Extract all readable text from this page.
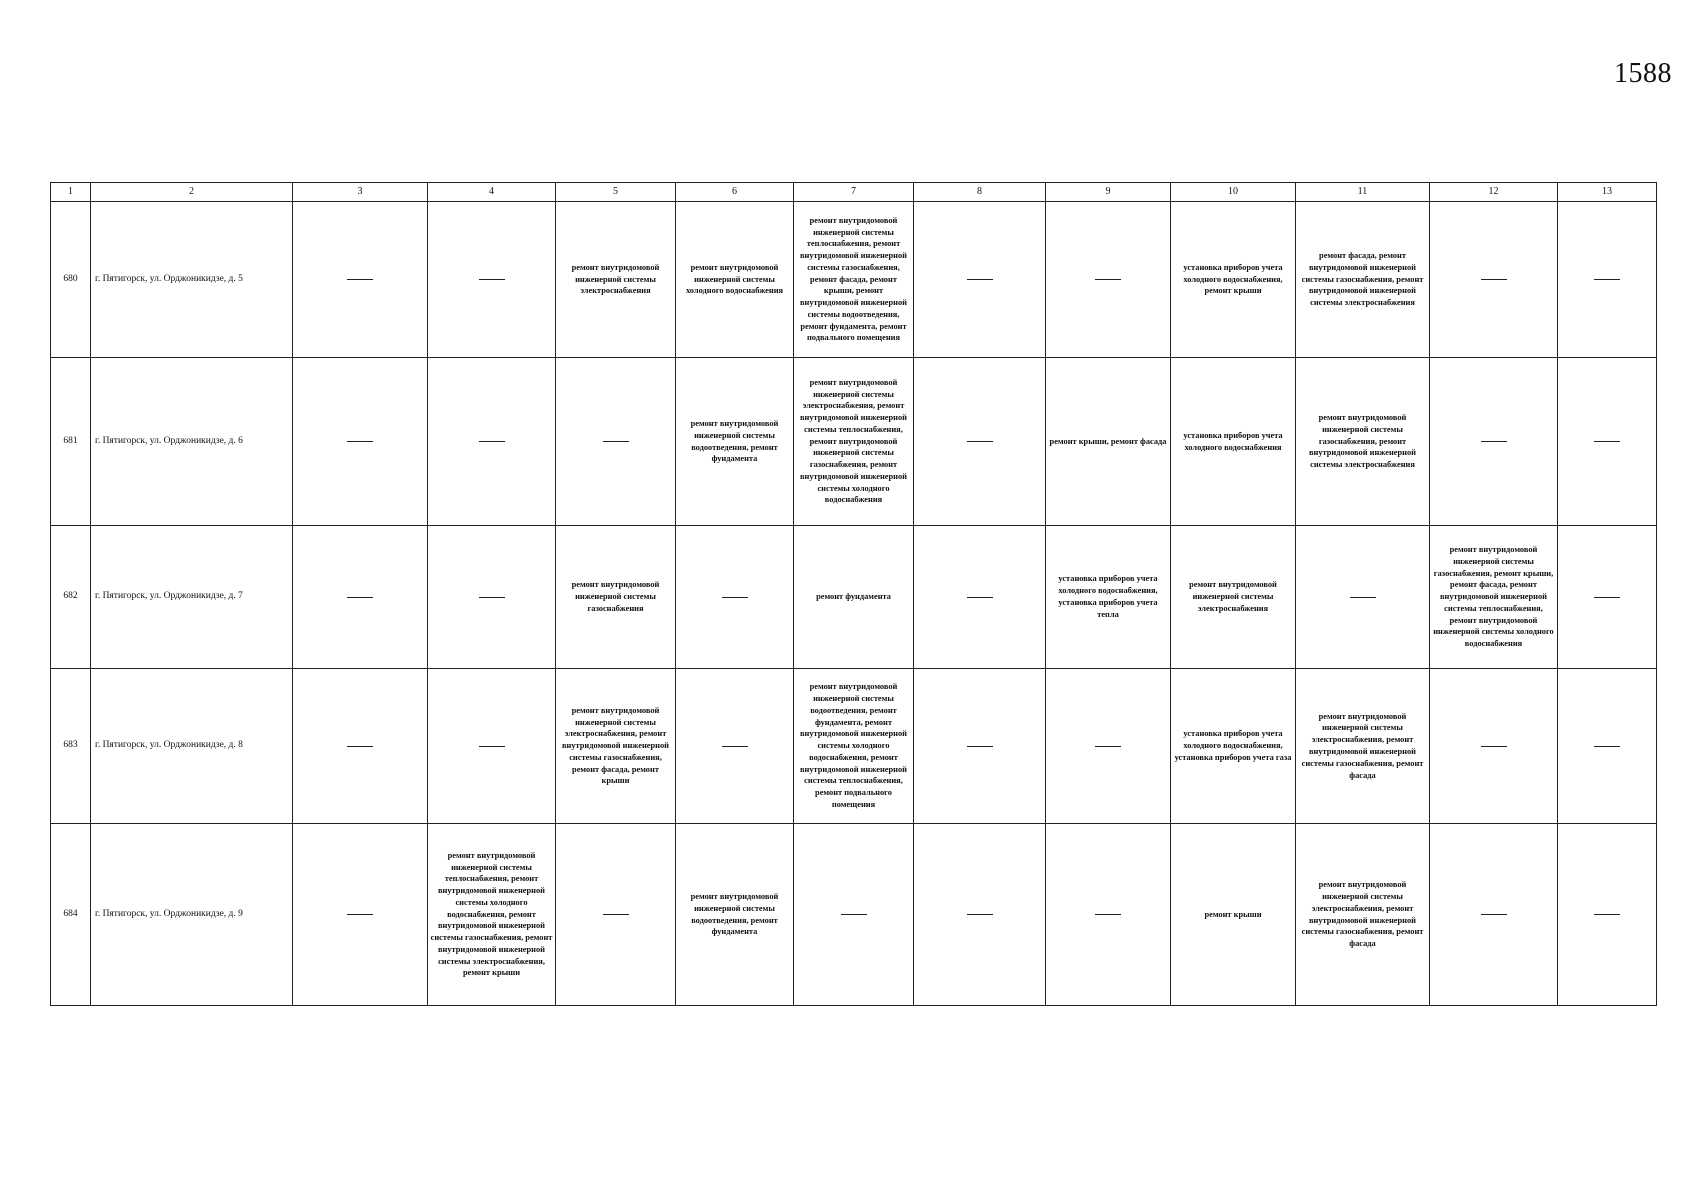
1588
1	2	3	4	5	6	7	8	9	10	11	12	13
680	г. Пятигорск, ул. Орджоникидзе, д. 5			ремонт внутридомовой инженерной системы электроснабжения	ремонт внутридомовой инженерной системы холодного водоснабжения	ремонт внутридомовой инженерной системы теплоснабжения, ремонт внутридомовой инженерной системы газоснабжения, ремонт фасада, ремонт крыши, ремонт внутридомовой инженерной системы водоотведения, ремонт фундамента, ремонт подвального помещения			установка приборов учета холодного водоснабжения, ремонт крыши	ремонт фасада, ремонт внутридомовой инженерной системы газоснабжения, ремонт внутридомовой инженерной системы электроснабжения		
681	г. Пятигорск, ул. Орджоникидзе, д. 6				ремонт внутридомовой инженерной системы водоотведения, ремонт фундамента	ремонт внутридомовой инженерной системы электроснабжения, ремонт внутридомовой инженерной системы теплоснабжения, ремонт внутридомовой инженерной системы газоснабжения, ремонт внутридомовой инженерной системы холодного водоснабжения		ремонт крыши, ремонт фасада	установка приборов учета холодного водоснабжения	ремонт внутридомовой инженерной системы газоснабжения, ремонт внутридомовой инженерной системы электроснабжения		
682	г. Пятигорск, ул. Орджоникидзе, д. 7			ремонт внутридомовой инженерной системы газоснабжения		ремонт фундамента		установка приборов учета холодного водоснабжения, установка приборов учета тепла	ремонт внутридомовой инженерной системы электроснабжения		ремонт внутридомовой инженерной системы газоснабжения, ремонт крыши, ремонт фасада, ремонт внутридомовой инженерной системы теплоснабжения, ремонт внутридомовой инженерной системы холодного водоснабжения	
683	г. Пятигорск, ул. Орджоникидзе, д. 8			ремонт внутридомовой инженерной системы электроснабжения, ремонт внутридомовой инженерной системы газоснабжения, ремонт фасада, ремонт крыши		ремонт внутридомовой инженерной системы водоотведения, ремонт фундамента, ремонт внутридомовой инженерной системы холодного водоснабжения, ремонт внутридомовой инженерной системы теплоснабжения, ремонт подвального помещения			установка приборов учета холодного водоснабжения, установка приборов учета газа	ремонт внутридомовой инженерной системы электроснабжения, ремонт внутридомовой инженерной системы газоснабжения, ремонт фасада		
684	г. Пятигорск, ул. Орджоникидзе, д. 9		ремонт внутридомовой инженерной системы теплоснабжения, ремонт внутридомовой инженерной системы холодного водоснабжения, ремонт внутридомовой инженерной системы газоснабжения, ремонт внутридомовой инженерной системы электроснабжения, ремонт крыши		ремонт внутридомовой инженерной системы водоотведения, ремонт фундамента				ремонт крыши	ремонт внутридомовой инженерной системы электроснабжения, ремонт внутридомовой инженерной системы газоснабжения, ремонт фасада		
